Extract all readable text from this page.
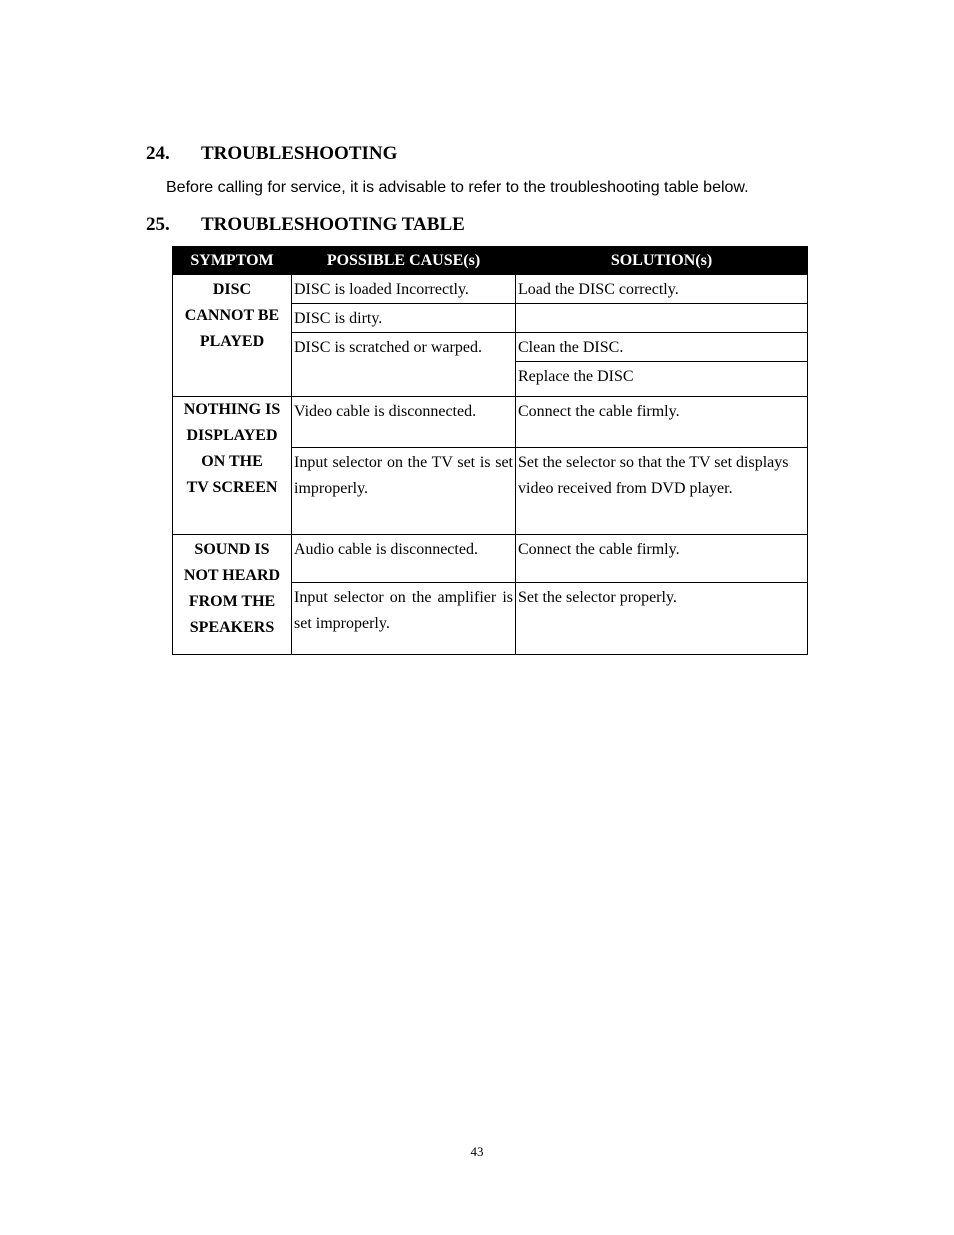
24. TROUBLESHOOTING
Before calling for service, it is advisable to refer to the troubleshooting table below.
25. TROUBLESHOOTING TABLE
SYMPTOM	POSSIBLE CAUSE(s)	SOLUTION(s)

DISC
CANNOT BE
PLAYED	DISC is loaded Incorrectly.	Load the DISC correctly.
	DISC is dirty.	
	DISC is scratched or warped.	Clean the DISC.
		Replace the DISC

NOTHING IS
DISPLAYED
ON THE
TV SCREEN	Video cable is disconnected.	Connect the cable firmly.
	Input selector on the TV set is set improperly.	Set the selector so that the TV set displays video received from DVD player.

SOUND IS
NOT HEARD
FROM THE
SPEAKERS	Audio cable is disconnected.	Connect the cable firmly.
	Input selector on the amplifier is set improperly.	Set the selector properly.
43
